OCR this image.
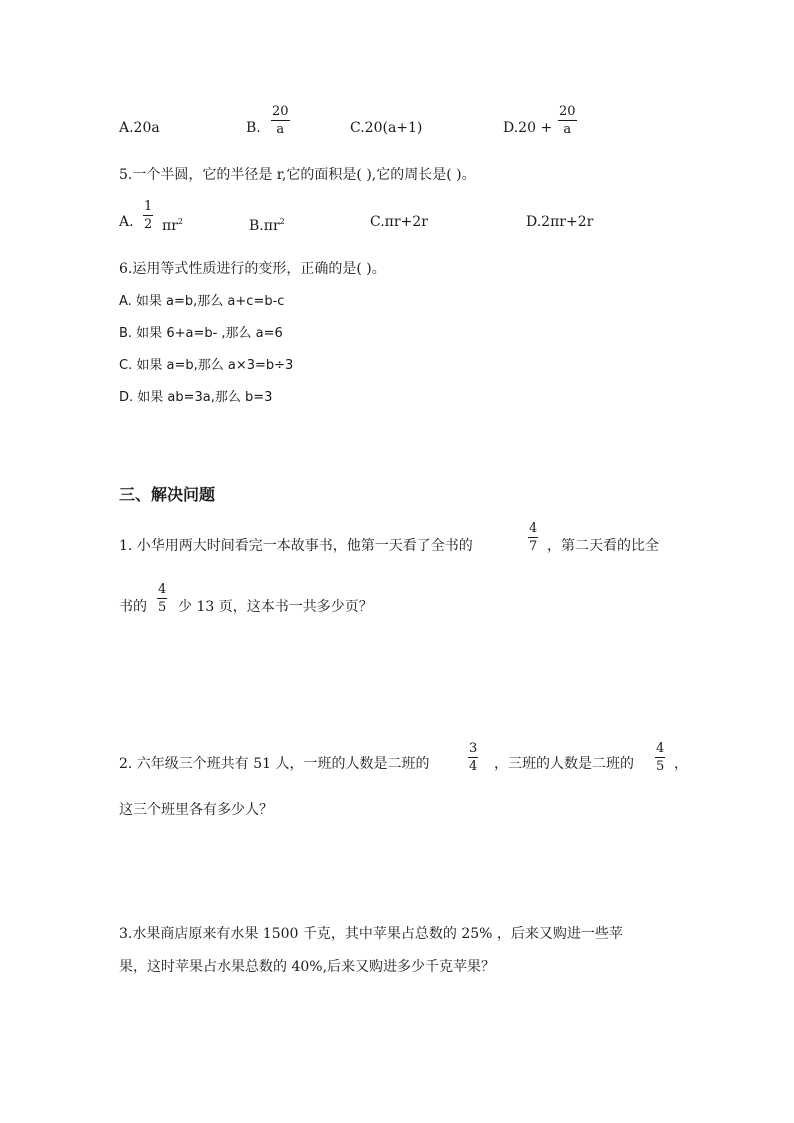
A.20a	B.
20
a	C.20(a+1)	D.20 +
20
a
5.一个半圆，它的半径是 r,它的面积是( ),它的周长是( )。
A.
1
2 $\pi r^2$	$B.\pi r^2$	C.πr+2r	D.2πr+2r
6.运用等式性质进行的变形，正确的是( )。
A. 如果 a=b,那么 a+c=b-c
B. 如果 6+a=b- ,那么 a=6
C. 如果 a=b,那么 a×3=b÷3
D. 如果 ab=3a,那么 b=3
三、解决问题
1. 小华用两大时间看完一本故事书，他第一天看了全书的
4
7 ，第二天看的比全
书的
4
5 少 13 页，这本书一共多少页？
2. 六年级三个班共有 51 人，一班的人数是二班的
3
4 ，三班的人数是二班的
4
5 ，
这三个班里各有多少人？
3.水果商店原来有水果 1500 千克，其中苹果占总数的 25% ，后来又购进一些苹
果，这时苹果占水果总数的 40%,后来又购进多少千克苹果？
